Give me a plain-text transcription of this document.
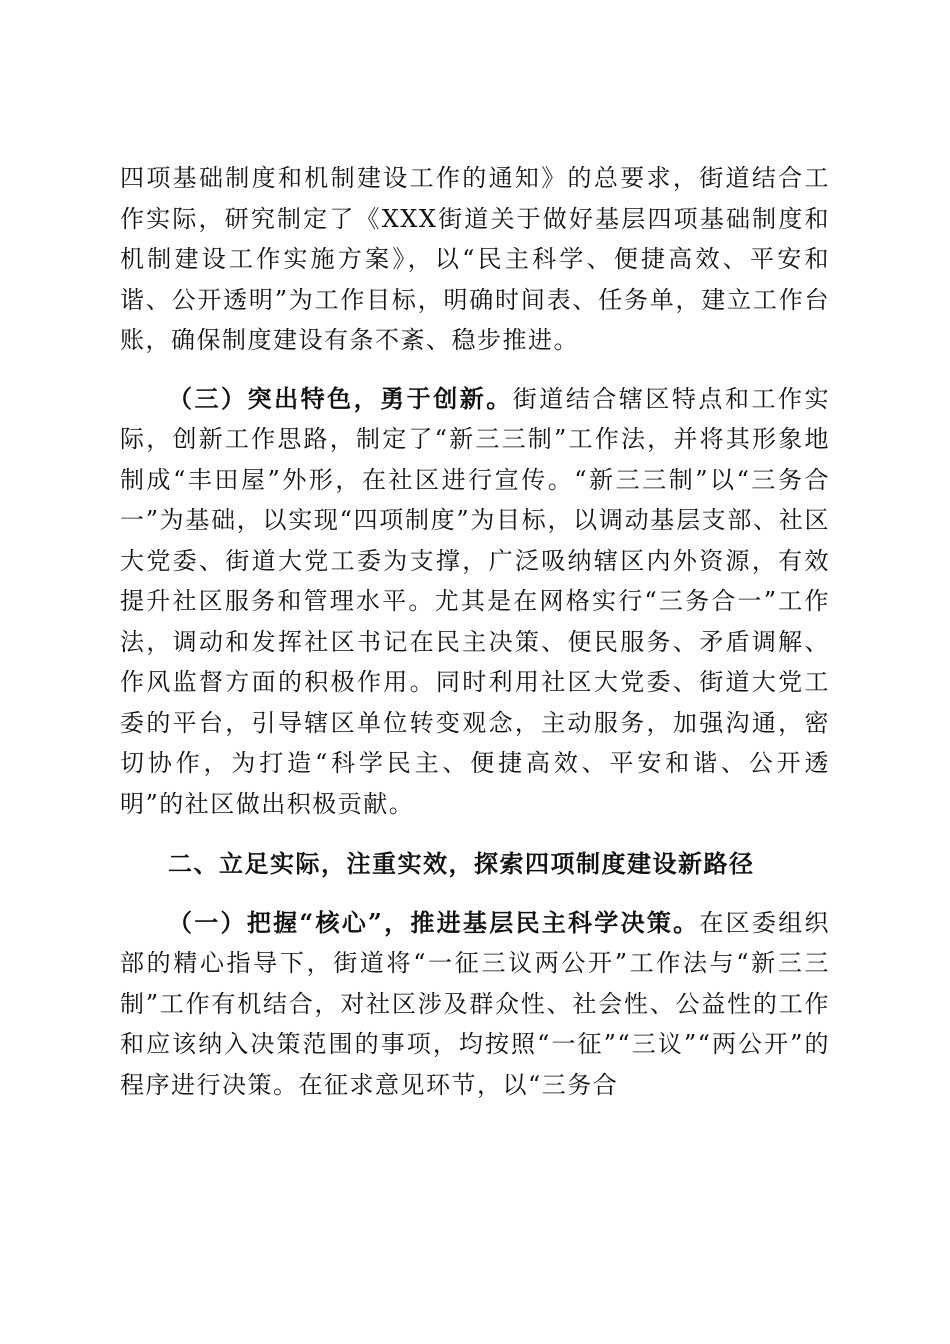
四项基础制度和机制建设工作的通知》的总要求，街道结合工作实际，研究制定了《XXX街道关于做好基层四项基础制度和机制建设工作实施方案》，以“民主科学、便捷高效、平安和谐、公开透明”为工作目标，明确时间表、任务单，建立工作台账，确保制度建设有条不紊、稳步推进。

（三）突出特色，勇于创新。街道结合辖区特点和工作实际，创新工作思路，制定了“新三三制”工作法，并将其形象地制成“丰田屋”外形，在社区进行宣传。“新三三制”以“三务合一”为基础，以实现“四项制度”为目标，以调动基层支部、社区大党委、街道大党工委为支撑，广泛吸纳辖区内外资源，有效提升社区服务和管理水平。尤其是在网格实行“三务合一”工作法，调动和发挥社区书记在民主决策、便民服务、矛盾调解、作风监督方面的积极作用。同时利用社区大党委、街道大党工委的平台，引导辖区单位转变观念，主动服务，加强沟通，密切协作，为打造“科学民主、便捷高效、平安和谐、公开透明”的社区做出积极贡献。

二、立足实际，注重实效，探索四项制度建设新路径

（一）把握“核心”，推进基层民主科学决策。在区委组织部的精心指导下，街道将“一征三议两公开”工作法与“新三三制”工作有机结合，对社区涉及群众性、社会性、公益性的工作和应该纳入决策范围的事项，均按照“一征”“三议”“两公开”的程序进行决策。在征求意见环节，以“三务合
